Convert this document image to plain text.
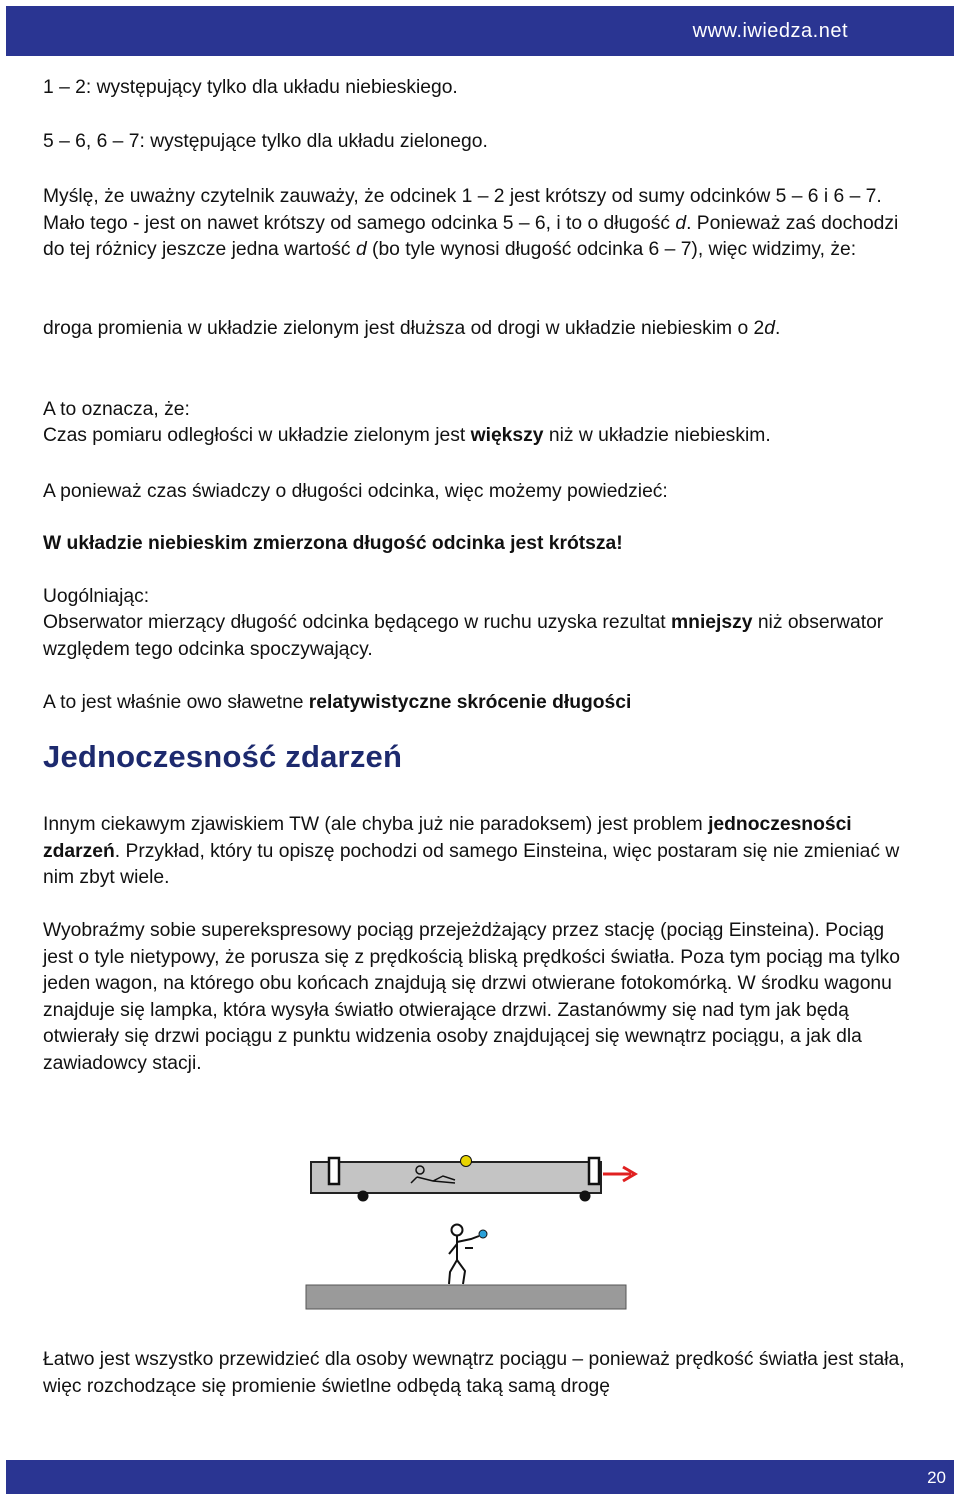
www.iwiedza.net

1 – 2: występujący tylko dla układu niebieskiego.

5 – 6, 6 – 7: występujące tylko dla układu zielonego.

Myślę, że uważny czytelnik zauważy, że odcinek 1 – 2 jest krótszy od sumy odcinków 5 – 6 i 6 – 7. Mało tego - jest on nawet krótszy od samego odcinka 5 – 6, i to o długość d. Ponieważ zaś dochodzi do tej różnicy jeszcze jedna wartość d (bo tyle wynosi długość odcinka 6 – 7), więc widzimy, że:

droga promienia w układzie zielonym jest dłuższa od drogi w układzie niebieskim o 2d.

A to oznacza, że:

Czas pomiaru odległości w układzie zielonym jest większy niż w układzie niebieskim.

A ponieważ czas świadczy o długości odcinka, więc możemy powiedzieć:

W układzie niebieskim zmierzona długość odcinka jest krótsza!

Uogólniając:

Obserwator mierzący długość odcinka będącego w ruchu uzyska rezultat mniejszy niż obserwator względem tego odcinka spoczywający.

A to jest właśnie owo sławetne relatywistyczne skrócenie długości

Jednoczesność zdarzeń

Innym ciekawym zjawiskiem TW (ale chyba już nie paradoksem) jest problem jednoczesności zdarzeń. Przykład, który tu opiszę pochodzi od samego Einsteina, więc postaram się nie zmieniać w nim zbyt wiele.

Wyobraźmy sobie superekspresowy pociąg przejeżdżający przez stację (pociąg Einsteina). Pociąg jest o tyle nietypowy, że porusza się z prędkością bliską prędkości światła. Poza tym pociąg ma tylko jeden wagon, na którego obu końcach znajdują się drzwi otwierane fotokomórką. W środku wagonu znajduje się lampka, która wysyła światło otwierające drzwi. Zastanówmy się nad tym jak będą otwierały się drzwi pociągu z punktu widzenia osoby znajdującej się wewnątrz pociągu, a jak dla zawiadowcy stacji.

Łatwo jest wszystko przewidzieć dla osoby wewnątrz pociągu – ponieważ prędkość światła jest stała, więc rozchodzące się promienie świetlne odbędą taką samą drogę

20
